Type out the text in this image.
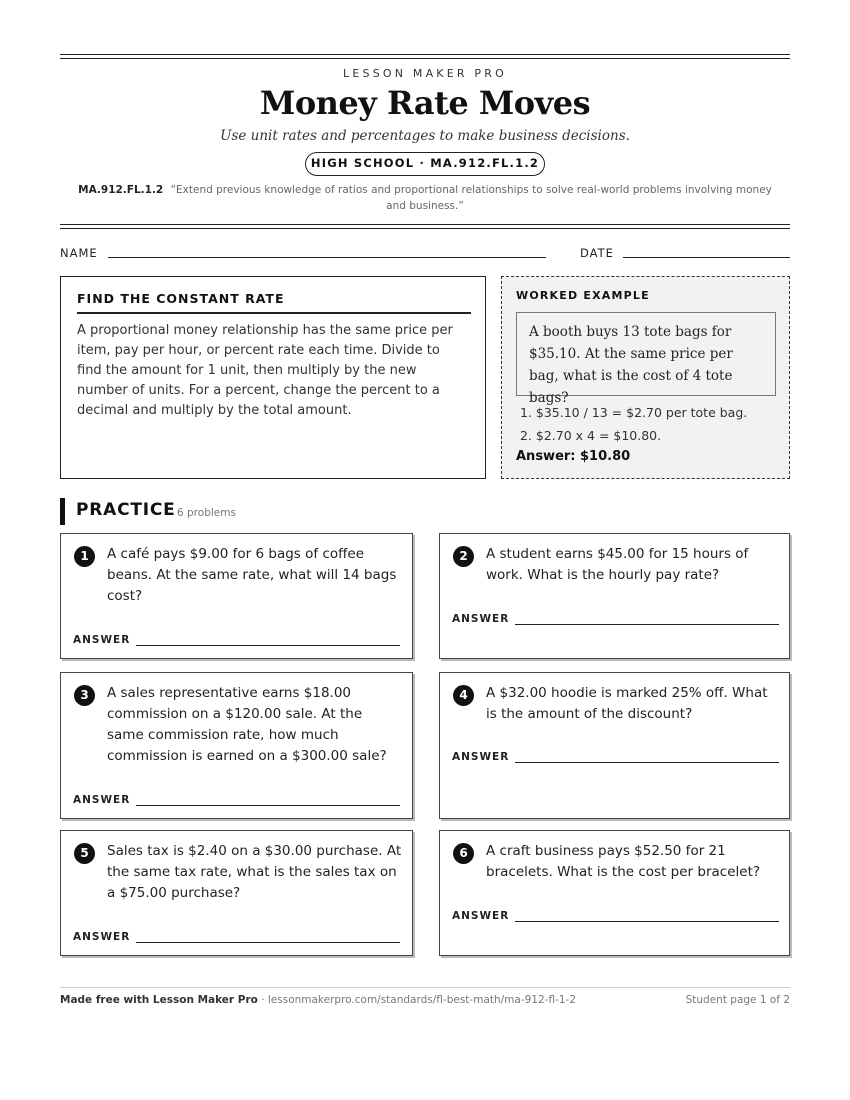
LESSON MAKER PRO
Money Rate Moves
Use unit rates and percentages to make business decisions.
HIGH SCHOOL · MA.912.FL.1.2
MA.912.FL.1.2 “Extend previous knowledge of ratios and proportional relationships to solve real-world problems involving money and business.”
NAME	DATE
FIND THE CONSTANT RATE
A proportional money relationship has the same price per item, pay per hour, or percent rate each time. Divide to find the amount for 1 unit, then multiply by the new number of units. For a percent, change the percent to a decimal and multiply by the total amount.
WORKED EXAMPLE
A booth buys 13 tote bags for $35.10. At the same price per bag, what is the cost of 4 tote bags?
1. $35.10 / 13 = $2.70 per tote bag.
2. $2.70 x 4 = $10.80.
Answer: $10.80
PRACTICE 6 problems
1	A café pays $9.00 for 6 bags of coffee beans. At the same rate, what will 14 bags cost?
ANSWER
2	A student earns $45.00 for 15 hours of work. What is the hourly pay rate?
ANSWER
3	A sales representative earns $18.00 commission on a $120.00 sale. At the same commission rate, how much commission is earned on a $300.00 sale?
ANSWER
4	A $32.00 hoodie is marked 25% off. What is the amount of the discount?
ANSWER
5	Sales tax is $2.40 on a $30.00 purchase. At the same tax rate, what is the sales tax on a $75.00 purchase?
ANSWER
6	A craft business pays $52.50 for 21 bracelets. What is the cost per bracelet?
ANSWER
Made free with Lesson Maker Pro · lessonmakerpro.com/standards/fl-best-math/ma-912-fl-1-2	Student page 1 of 2
